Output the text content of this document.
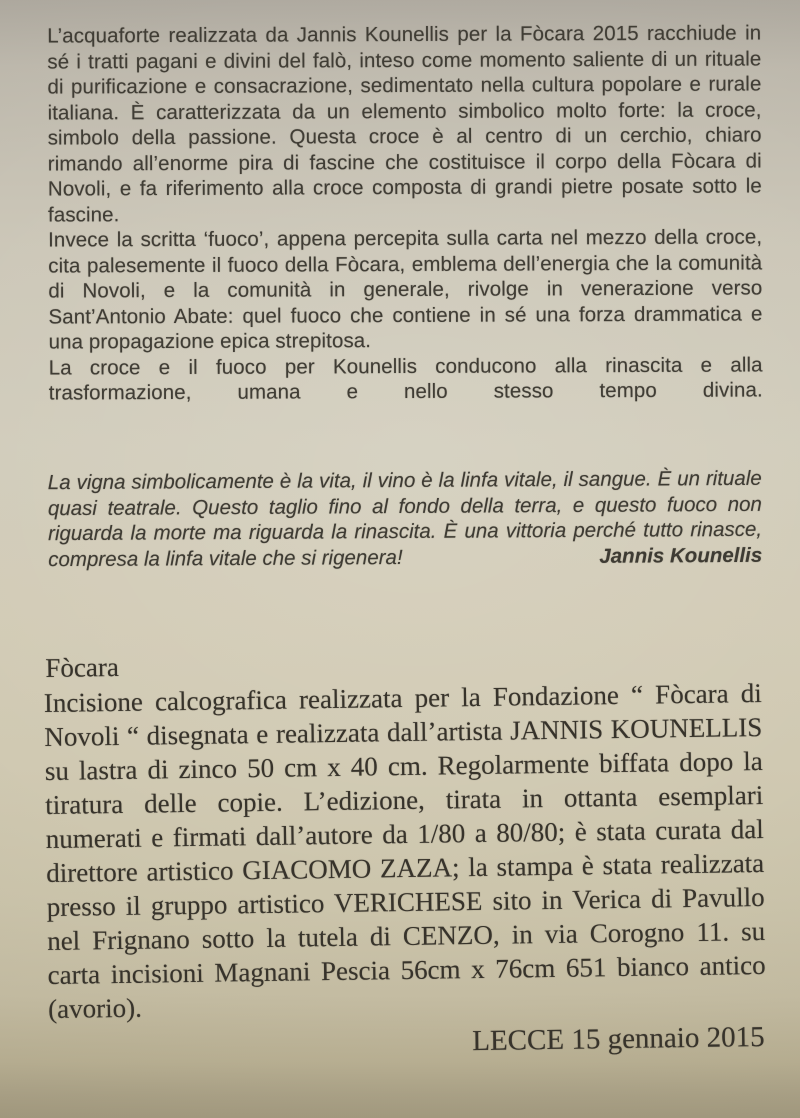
L’acquaforte realizzata da Jannis Kounellis per la Fòcara 2015 racchiude in sé i tratti pagani e divini del falò, inteso come momento saliente di un rituale di purificazione e consacrazione, sedimentato nella cultura popolare e rurale italiana. È caratterizzata da un elemento simbolico molto forte: la croce, simbolo della passione. Questa croce è al centro di un cerchio, chiaro rimando all’enorme pira di fascine che costituisce il corpo della Fòcara di Novoli, e fa riferimento alla croce composta di grandi pietre posate sotto le fascine.

Invece la scritta ‘fuoco’, appena percepita sulla carta nel mezzo della croce, cita palesemente il fuoco della Fòcara, emblema dell’energia che la comunità di Novoli, e la comunità in generale, rivolge in venerazione verso Sant’Antonio Abate: quel fuoco che contiene in sé una forza drammatica e una propagazione epica strepitosa.

La croce e il fuoco per Kounellis conducono alla rinascita e alla trasformazione, umana e nello stesso tempo divina.

La vigna simbolicamente è la vita, il vino è la linfa vitale, il sangue. È un rituale quasi teatrale. Questo taglio fino al fondo della terra, e questo fuoco non riguarda la morte ma riguarda la rinascita. È una vittoria perché tutto rinasce, compresa la linfa vitale che si rigenera!	Jannis Kounellis

Fòcara

Incisione calcografica realizzata per la Fondazione “ Fòcara di Novoli “ disegnata e realizzata dall’artista JANNIS KOUNELLIS su lastra di zinco 50 cm x 40 cm. Regolarmente biffata dopo la tiratura delle copie. L’edizione, tirata in ottanta esemplari numerati e firmati dall’autore da 1/80 a 80/80; è stata curata dal direttore artistico GIACOMO ZAZA; la stampa è stata realizzata presso il gruppo artistico VERICHESE sito in Verica di Pavullo nel Frignano sotto la tutela di CENZO, in via Corogno 11. su carta incisioni Magnani Pescia 56cm x 76cm 651 bianco antico (avorio).

LECCE 15 gennaio 2015
